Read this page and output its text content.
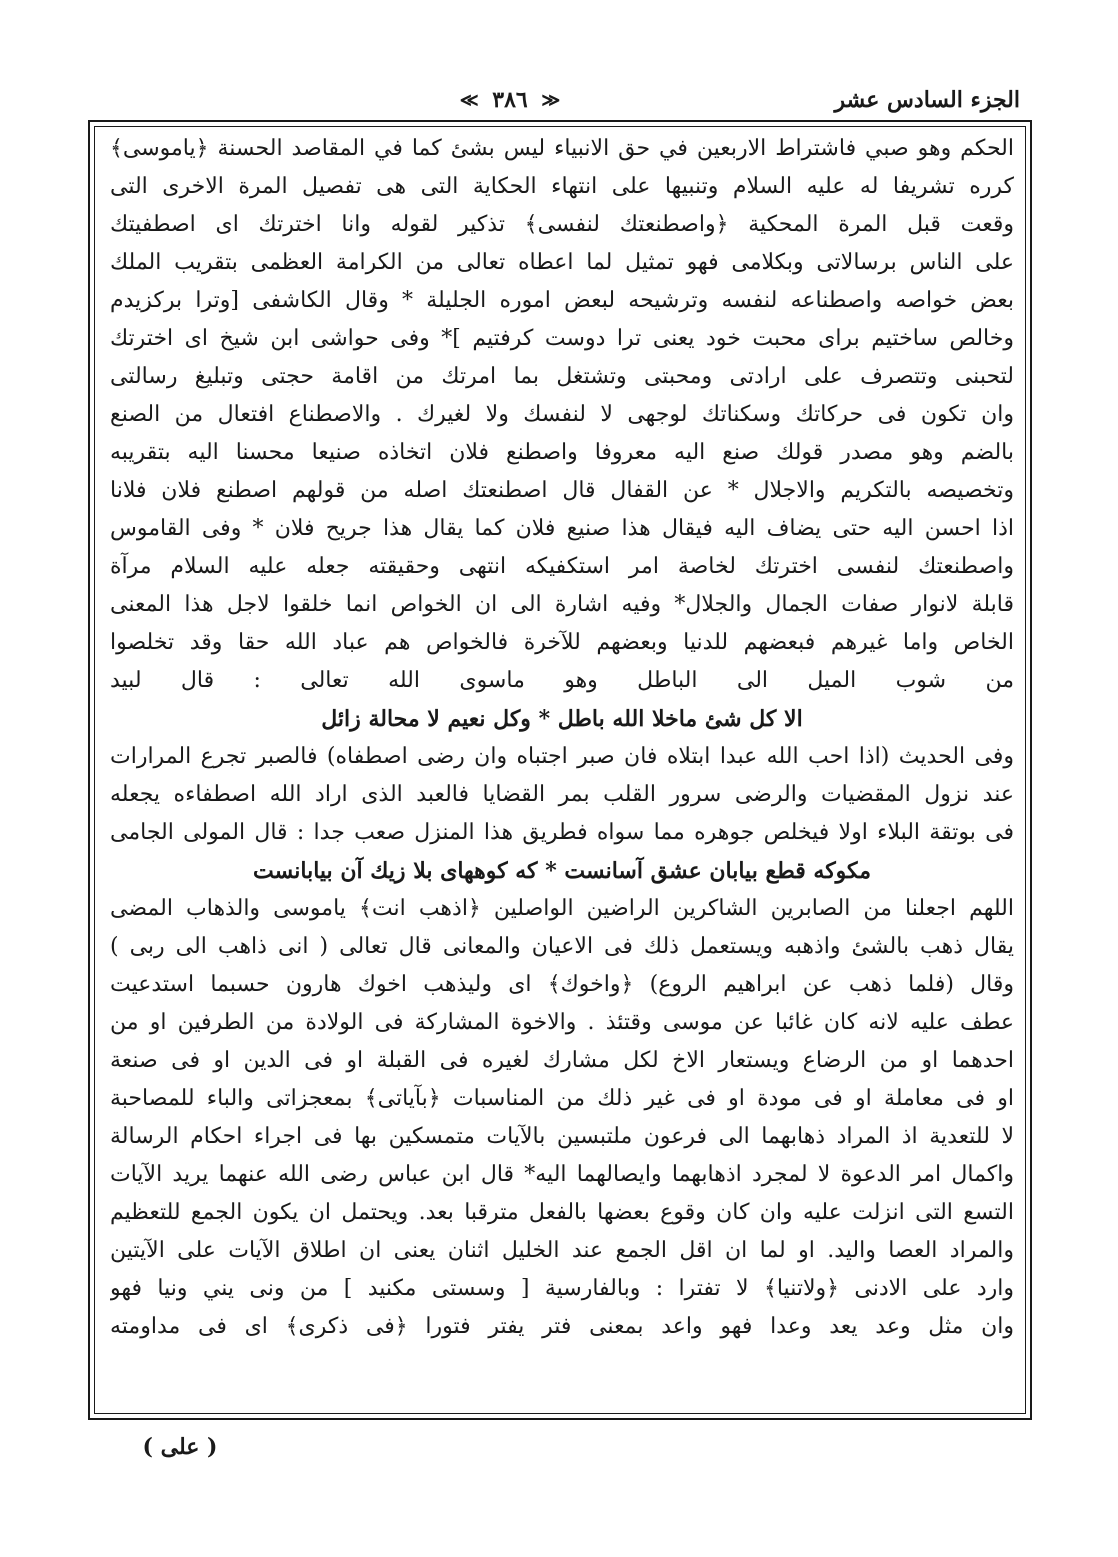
الجزء السادس عشر
≪ ٣٨٦ ≫
الحكم وهو صبي فاشتراط الاربعين في حق الانبياء ليس بشئ كما في المقاصد الحسنة ﴿ياموسى﴾
كرره تشريفا له عليه السلام وتنبيها على انتهاء الحكاية التى هى تفصيل المرة الاخرى التى
وقعت قبل المرة المحكية ﴿واصطنعتك لنفسى﴾ تذكير لقوله وانا اخترتك اى اصطفيتك
على الناس برسالاتى وبكلامى فهو تمثيل لما اعطاه تعالى من الكرامة العظمى بتقريب الملك
بعض خواصه واصطناعه لنفسه وترشيحه لبعض اموره الجليلة * وقال الكاشفى [وترا بركزيدم
وخالص ساختيم براى محبت خود يعنى ترا دوست كرفتيم ]* وفى حواشى ابن شيخ اى اخترتك
لتحبنى وتتصرف على ارادتى ومحبتى وتشتغل بما امرتك من اقامة حجتى وتبليغ رسالتى
وان تكون فى حركاتك وسكناتك لوجهى لا لنفسك ولا لغيرك . والاصطناع افتعال من الصنع
بالضم وهو مصدر قولك صنع اليه معروفا واصطنع فلان اتخاذه صنيعا محسنا اليه بتقريبه
وتخصيصه بالتكريم والاجلال * عن القفال قال اصطنعتك اصله من قولهم اصطنع فلان فلانا
اذا احسن اليه حتى يضاف اليه فيقال هذا صنيع فلان كما يقال هذا جريح فلان * وفى القاموس
واصطنعتك لنفسى اخترتك لخاصة امر استكفيكه انتهى وحقيقته جعله عليه السلام مرآة
قابلة لانوار صفات الجمال والجلال* وفيه اشارة الى ان الخواص انما خلقوا لاجل هذا المعنى
الخاص واما غيرهم فبعضهم للدنيا وبعضهم للآخرة فالخواص هم عباد الله حقا وقد تخلصوا
من شوب الميل الى الباطل وهو ماسوى الله تعالى : قال لبيد
الا كل شئ ماخلا الله باطل * وكل نعيم لا محالة زائل
وفى الحديث (اذا احب الله عبدا ابتلاه فان صبر اجتباه وان رضى اصطفاه) فالصبر تجرع المرارات
عند نزول المقضيات والرضى سرور القلب بمر القضايا فالعبد الذى اراد الله اصطفاءه يجعله
فى بوتقة البلاء اولا فيخلص جوهره مما سواه فطريق هذا المنزل صعب جدا : قال المولى الجامى
مكوكه قطع بيابان عشق آسانست * كه كوههاى بلا زيك آن بيابانست
اللهم اجعلنا من الصابرين الشاكرين الراضين الواصلين ﴿اذهب انت﴾ ياموسى والذهاب المضى
يقال ذهب بالشئ واذهبه ويستعمل ذلك فى الاعيان والمعانى قال تعالى ( انى ذاهب الى ربى )
وقال (فلما ذهب عن ابراهيم الروع) ﴿واخوك﴾ اى وليذهب اخوك هارون حسبما استدعيت
عطف عليه لانه كان غائبا عن موسى وقتئذ . والاخوة المشاركة فى الولادة من الطرفين او من
احدهما او من الرضاع ويستعار الاخ لكل مشارك لغيره فى القبلة او فى الدين او فى صنعة
او فى معاملة او فى مودة او فى غير ذلك من المناسبات ﴿بآياتى﴾ بمعجزاتى والباء للمصاحبة
لا للتعدية اذ المراد ذهابهما الى فرعون ملتبسين بالآيات متمسكين بها فى اجراء احكام الرسالة
واكمال امر الدعوة لا لمجرد اذهابهما وايصالهما اليه* قال ابن عباس رضى الله عنهما يريد الآيات
التسع التى انزلت عليه وان كان وقوع بعضها بالفعل مترقبا بعد. ويحتمل ان يكون الجمع للتعظيم
والمراد العصا واليد. او لما ان اقل الجمع عند الخليل اثنان يعنى ان اطلاق الآيات على الآيتين
وارد على الادنى ﴿ولاتنيا﴾ لا تفترا : وبالفارسية [ وسستى مكنيد ] من ونى يني ونيا فهو
وان مثل وعد يعد وعدا فهو واعد بمعنى فتر يفتر فتورا ﴿فى ذكرى﴾ اى فى مداومته
( على )
